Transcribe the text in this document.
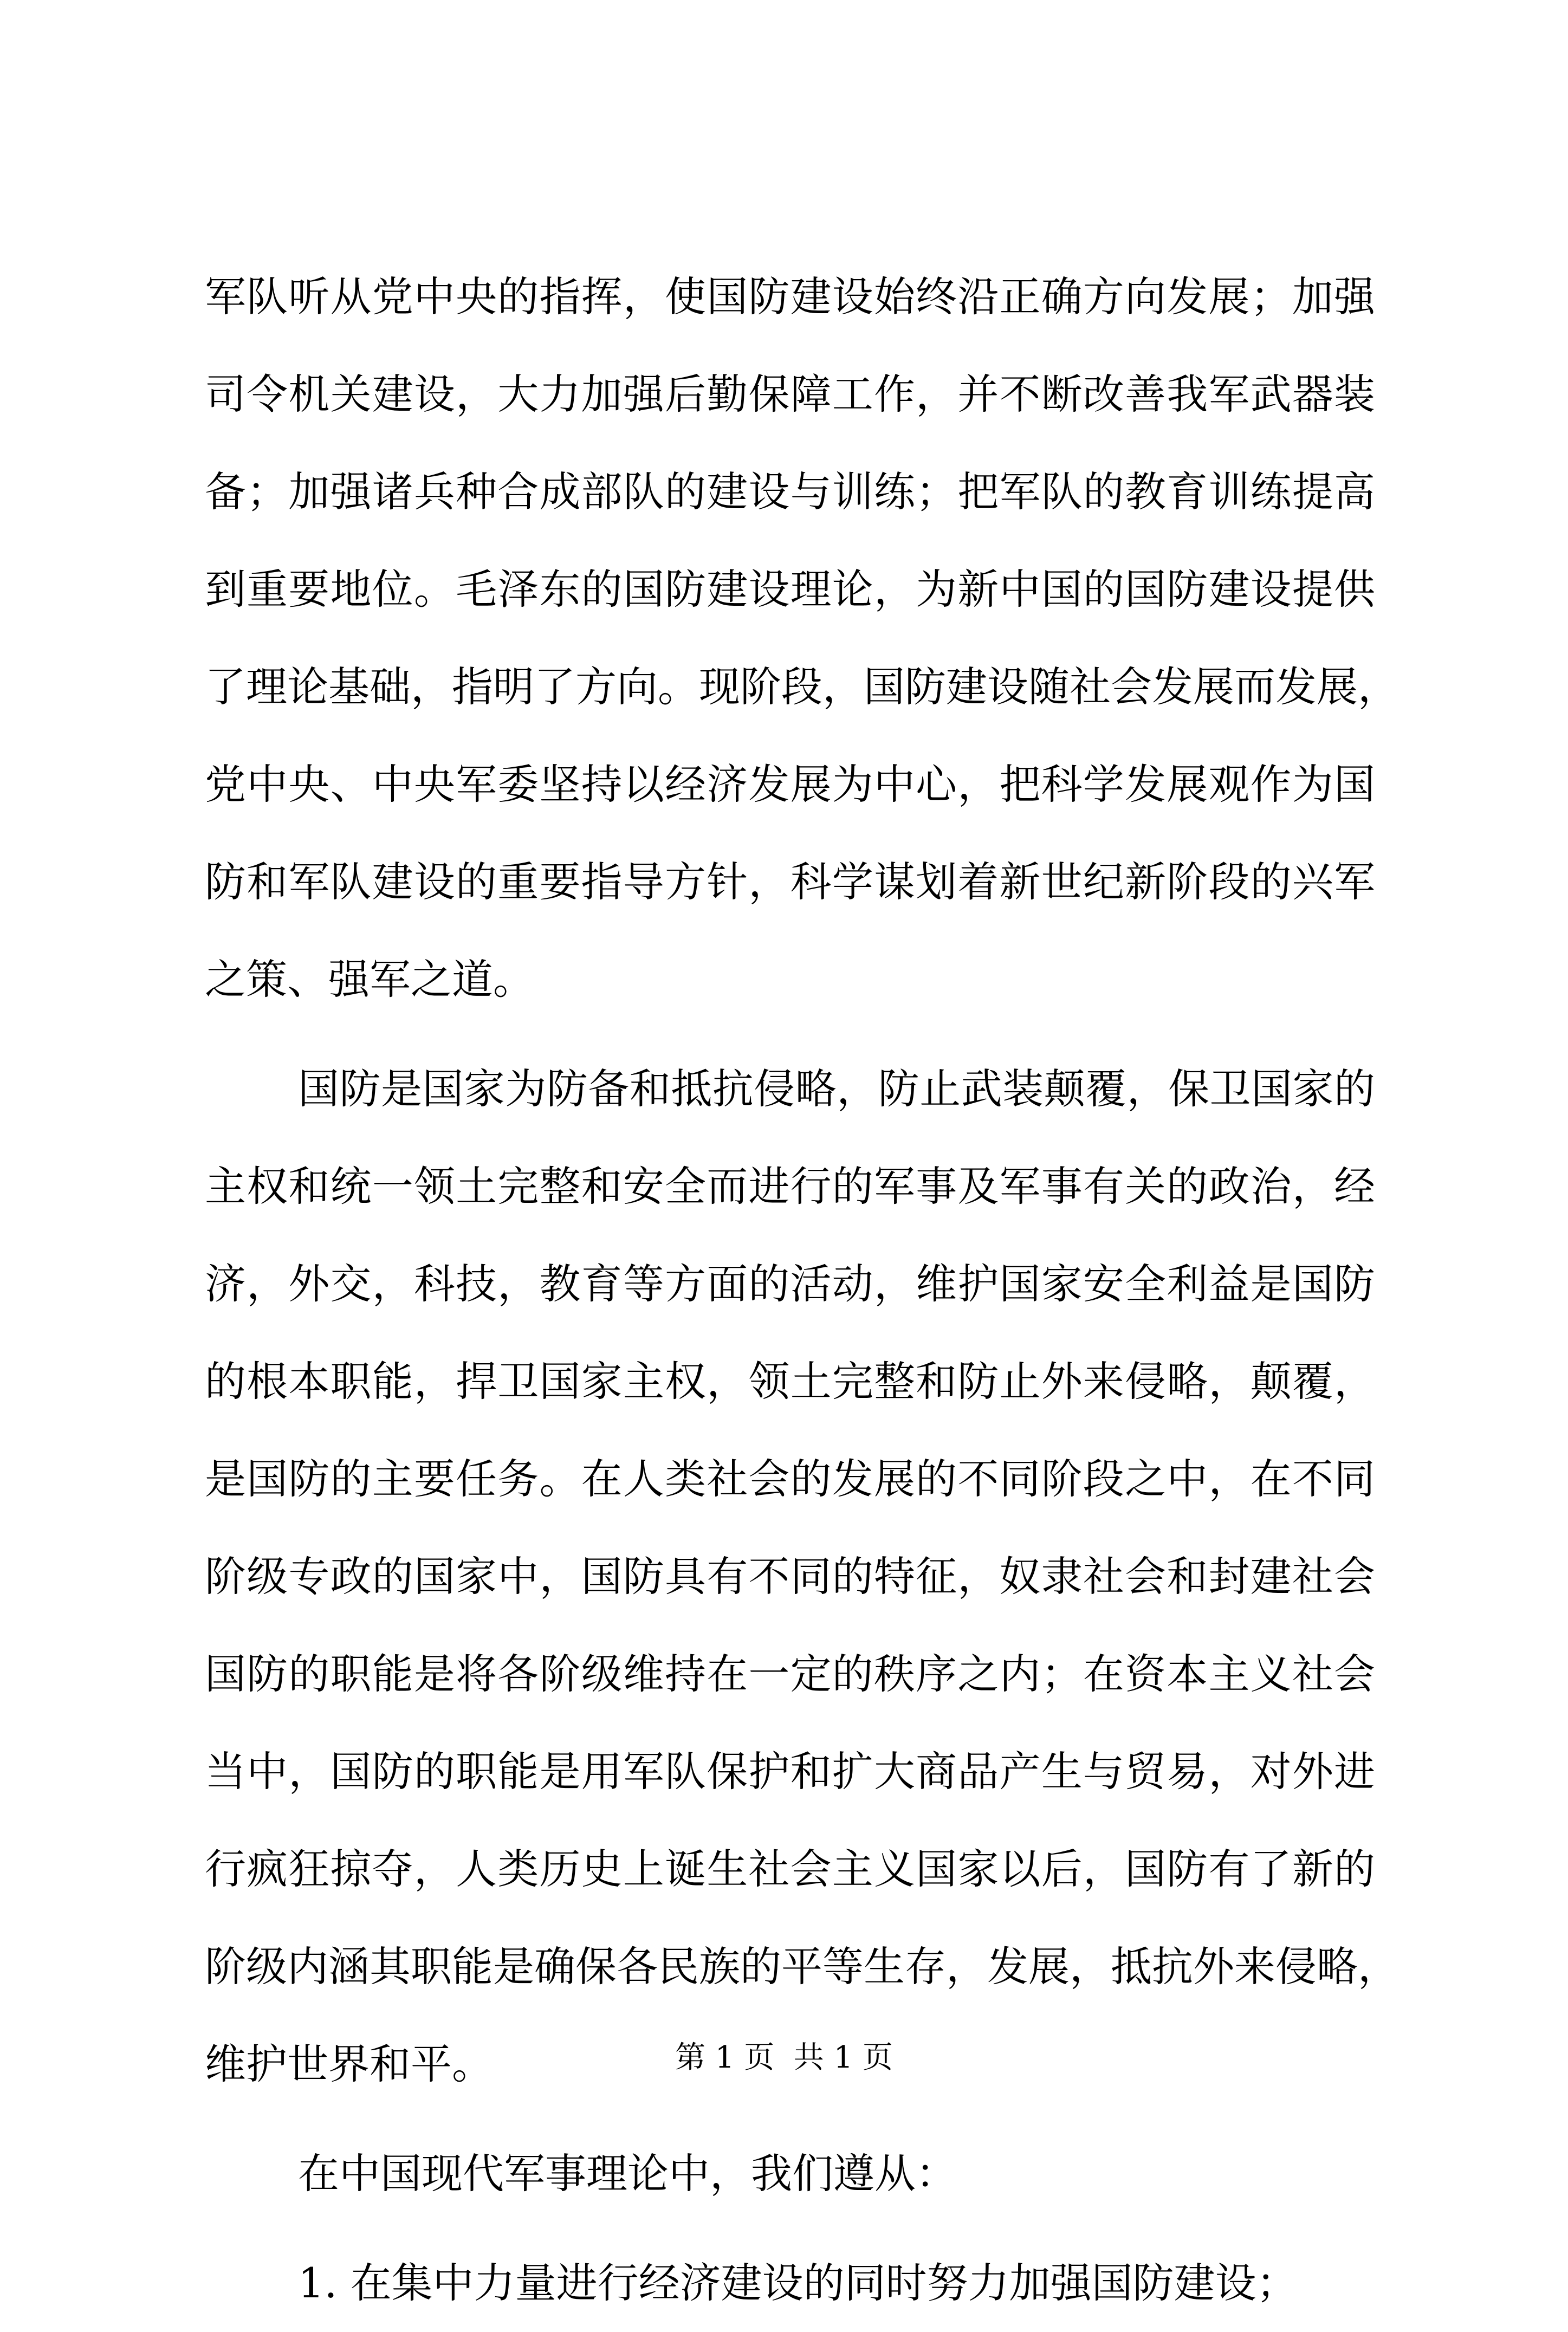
军队听从党中央的指挥，使国防建设始终沿正确方向发展；加强
司令机关建设，大力加强后勤保障工作，并不断改善我军武器装
备；加强诸兵种合成部队的建设与训练；把军队的教育训练提高
到重要地位。毛泽东的国防建设理论，为新中国的国防建设提供
了理论基础，指明了方向。现阶段，国防建设随社会发展而发展，
党中央、中央军委坚持以经济发展为中心，把科学发展观作为国
防和军队建设的重要指导方针，科学谋划着新世纪新阶段的兴军
之策、强军之道。
国防是国家为防备和抵抗侵略，防止武装颠覆，保卫国家的
主权和统一领土完整和安全而进行的军事及军事有关的政治，经
济，外交，科技，教育等方面的活动，维护国家安全利益是国防
的根本职能，捍卫国家主权，领土完整和防止外来侵略，颠覆，
是国防的主要任务。在人类社会的发展的不同阶段之中，在不同
阶级专政的国家中，国防具有不同的特征，奴隶社会和封建社会
国防的职能是将各阶级维持在一定的秩序之内；在资本主义社会
当中，国防的职能是用军队保护和扩大商品产生与贸易，对外进
行疯狂掠夺，人类历史上诞生社会主义国家以后，国防有了新的
阶级内涵其职能是确保各民族的平等生存，发展，抵抗外来侵略，
维护世界和平。
在中国现代军事理论中，我们遵从：
1. 在集中力量进行经济建设的同时努力加强国防建设；
第 1 页  共 1 页
